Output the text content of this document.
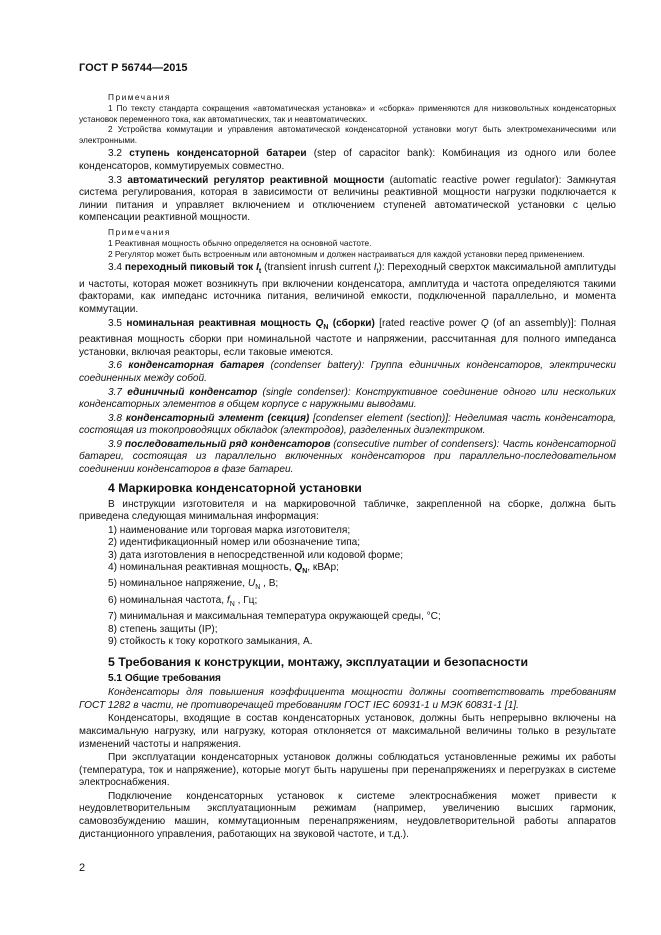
ГОСТ Р 56744—2015
Примечания

1 По тексту стандарта сокращения «автоматическая установка» и «сборка» применяются для низковольтных конденсаторных установок переменного тока, как автоматических, так и неавтоматических.

2 Устройства коммутации и управления автоматической конденсаторной установки могут быть электромеханическими или электронными.

3.2 ступень конденсаторной батареи (step of capacitor bank): Комбинация из одного или более конденсаторов, коммутируемых совместно.

3.3 автоматический регулятор реактивной мощности (automatic reactive power regulator): Замкнутая система регулирования, которая в зависимости от величины реактивной мощности нагрузки подключается к линии питания и управляет включением и отключением ступеней автоматической установки с целью компенсации реактивной мощности.

Примечания

1 Реактивная мощность обычно определяется на основной частоте.

2 Регулятор может быть встроенным или автономным и должен настраиваться для каждой установки перед применением.

3.4 переходный пиковый ток $I_t$ (transient inrush current $I_t$): Переходный сверхток максимальной амплитуды и частоты, которая может возникнуть при включении конденсатора, амплитуда и частота определяются такими факторами, как импеданс источника питания, величиной емкости, подключенной параллельно, и момента коммутации.

3.5 номинальная реактивная мощность $Q_N$ (сборки) [rated reactive power Q (of an assembly)]: Полная реактивная мощность сборки при номинальной частоте и напряжении, рассчитанная для полного импеданса установки, включая реакторы, если таковые имеются.

3.6 конденсаторная батарея (condenser battery): Группа единичных конденсаторов, электрически соединенных между собой.

3.7 единичный конденсатор (single condenser): Конструктивное соединение одного или нескольких конденсаторных элементов в общем корпусе с наружными выводами.

3.8 конденсаторный элемент (секция) [condenser element (section)]: Неделимая часть конденсатора, состоящая из токопроводящих обкладок (электродов), разделенных диэлектриком.

3.9 последовательный ряд конденсаторов (consecutive number of condensers): Часть конденсаторной батареи, состоящая из параллельно включенных конденсаторов при параллельно-последовательном соединении конденсаторов в фазе батареи.

4 Маркировка конденсаторной установки

В инструкции изготовителя и на маркировочной табличке, закрепленной на сборке, должна быть приведена следующая минимальная информация:

1) наименование или торговая марка изготовителя;

2) идентификационный номер или обозначение типа;

3) дата изготовления в непосредственной или кодовой форме;

4) номинальная реактивная мощность, $Q_N$, кВАр;

5) номинальное напряжение, $U_N$ , В;

6) номинальная частота, $f_N$ , Гц;

7) минимальная и максимальная температура окружающей среды, °C;

8) степень защиты (IP);

9) стойкость к току короткого замыкания, А.

5 Требования к конструкции, монтажу, эксплуатации и безопасности
5.1 Общие требования

Конденсаторы для повышения коэффициента мощности должны соответствовать требованиям ГОСТ 1282 в части, не противоречащей требованиям ГОСТ IEC 60931-1 и МЭК 60831-1 [1].

Конденсаторы, входящие в состав конденсаторных установок, должны быть непрерывно включены на максимальную нагрузку, или нагрузку, которая отклоняется от максимальной величины только в результате изменений частоты и напряжения.

При эксплуатации конденсаторных установок должны соблюдаться установленные режимы их работы (температура, ток и напряжение), которые могут быть нарушены при перенапряжениях и перегрузках в системе электроснабжения.

Подключение конденсаторных установок к системе электроснабжения может привести к неудовлетворительным эксплуатационным режимам (например, увеличению высших гармоник, самовозбуждению машин, коммутационным перенапряжениям, неудовлетворительной работы аппаратов дистанционного управления, работающих на звуковой частоте, и т.д.).

2
